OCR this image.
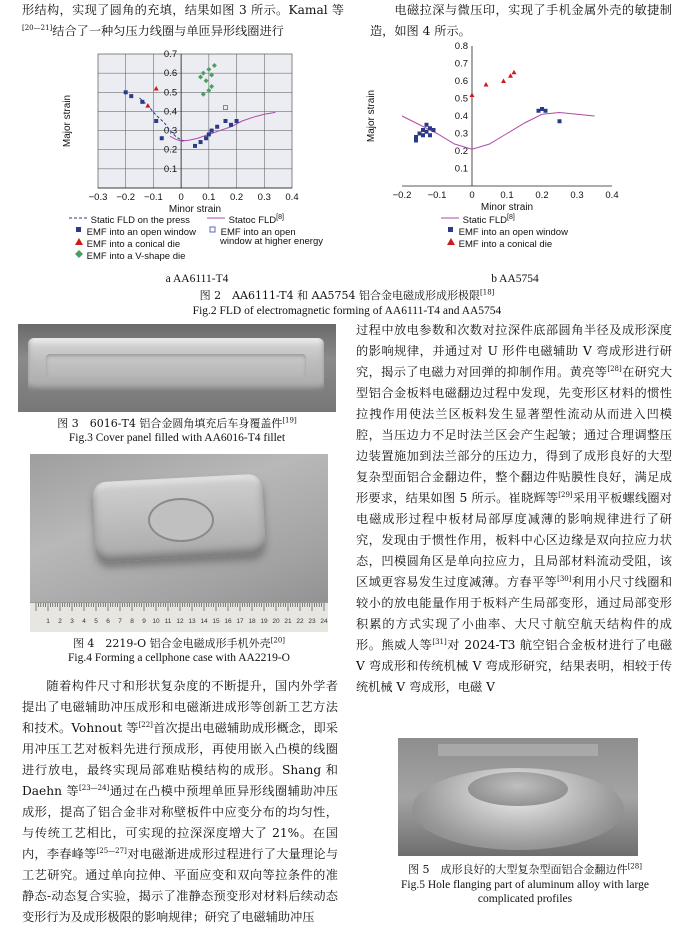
形结构，实现了圆角的充填，结果如图 3 所示。Kamal 等[20—21]结合了一种匀压力线圈与单匝异形线圈进行

电磁拉深与微压印，实现了手机金属外壳的敏捷制造，如图 4 所示。

−0.3 −0.2 −0.1 0 0.1 0.2 0.3 0.4
0.1
0.2
0.3
0.4
0.5
0.6
0.7
Minor strain
Major strain
Static FLD on the press	Statoc FLD[8]
EMF into an open window	EMF into an open
window at higher energy
EMF into a conical die
EMF into a V-shape die
a AA6111-T4
−0.2 −0.1 0	0.1 0.2 0.3 0.4
0.1
0.2
0.3
0.4
0.5
0.6
0.7
0.8
Minor strain
Major strain
Static FLD[8]
EMF into an open window
EMF into a conical die
b AA5754
图 2　AA6111-T4 和 AA5754 铝合金电磁成形成形极限[18]
Fig.2 FLD of electromagnetic forming of AA6111-T4 and AA5754
图 3　6016-T4 铝合金圆角填充后车身覆盖件[19]
Fig.3 Cover panel filled with AA6016-T4 fillet
1 2 3 4 5 6 7 8 9 10 11 12 13 14 15 16 17 18 19 20 21 22 23 24
图 4　2219-O 铝合金电磁成形手机外壳[20]
Fig.4 Forming a cellphone case with AA2219-O

随着构件尺寸和形状复杂度的不断提升，国内外学者提出了电磁辅助冲压成形和电磁渐进成形等创新工艺方法和技术。Vohnout 等[22]首次提出电磁辅助成形概念，即采用冲压工艺对板料先进行预成形，再使用嵌入凸模的线圈进行放电，最终实现局部难贴模结构的成形。Shang 和 Daehn 等[23—24]通过在凸模中预埋单匝异形线圈辅助冲压成形，提高了铝合金非对称壁板件中应变分布的均匀性，与传统工艺相比，可实现的拉深深度增大了 21%。在国内，李春峰等[25—27]对电磁渐进成形过程进行了大量理论与工艺研究。通过单向拉伸、平面应变和双向等拉条件的准静态-动态复合实验，揭示了准静态预变形对材料后续动态变形行为及成形极限的影响规律；研究了电磁辅助冲压

过程中放电参数和次数对拉深件底部圆角半径及成形深度的影响规律，并通过对 U 形件电磁辅助 V 弯成形进行研究，揭示了电磁力对回弹的抑制作用。黄亮等[28]在研究大型铝合金板料电磁翻边过程中发现，先变形区材料的惯性拉拽作用使法兰区板料发生显著塑性流动从而进入凹模腔，当压边力不足时法兰区会产生起皱；通过合理调整压边装置施加到法兰部分的压边力，得到了成形良好的大型复杂型面铝合金翻边件，整个翻边件贴膜性良好，满足成形要求，结果如图 5 所示。崔晓辉等[29]采用平板螺线圈对电磁成形过程中板材局部厚度减薄的影响规律进行了研究，发现由于惯性作用，板料中心区边缘是双向拉应力状态，凹模圆角区是单向拉应力，且局部材料流动受阻，该区域更容易发生过度减薄。方春平等[30]利用小尺寸线圈和较小的放电能量作用于板料产生局部变形，通过局部变形积累的方式实现了小曲率、大尺寸航空航天结构件的成形。熊威人等[31]对 2024-T3 航空铝合金板材进行了电磁 V 弯成形和传统机械 V 弯成形研究，结果表明，相较于传统机械 V 弯成形，电磁 V

图 5　成形良好的大型复杂型面铝合金翻边件[28]
Fig.5 Hole flanging part of aluminum alloy with large
complicated profiles
